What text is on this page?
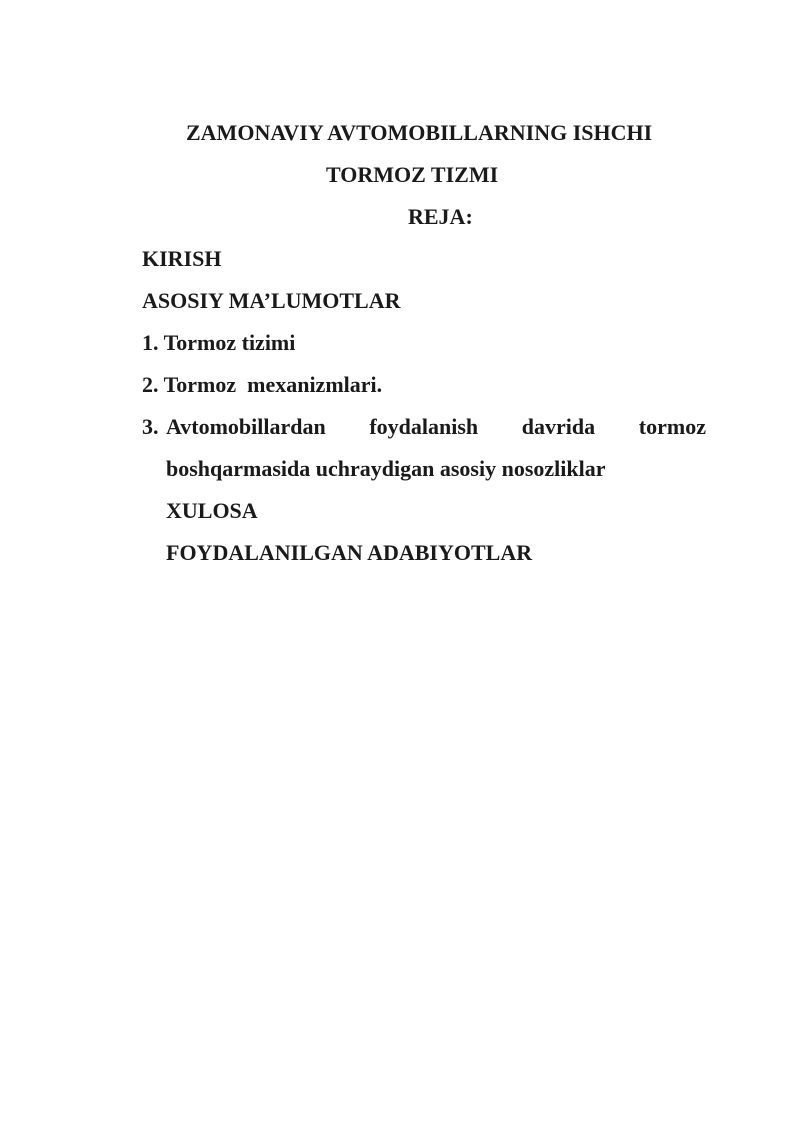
ZAMONAVIY AVTOMOBILLARNING ISHCHI
TORMOZ TIZMI
REJA:
KIRISH
ASOSIY MA’LUMOTLAR
1. Tormoz tizimi
2. Tormoz  mexanizmlari.
3. Avtomobillardan foydalanish davrida tormoz
boshqarmasida uchraydigan asosiy nosozliklar
XULOSA
FOYDALANILGAN ADABIYOTLAR
